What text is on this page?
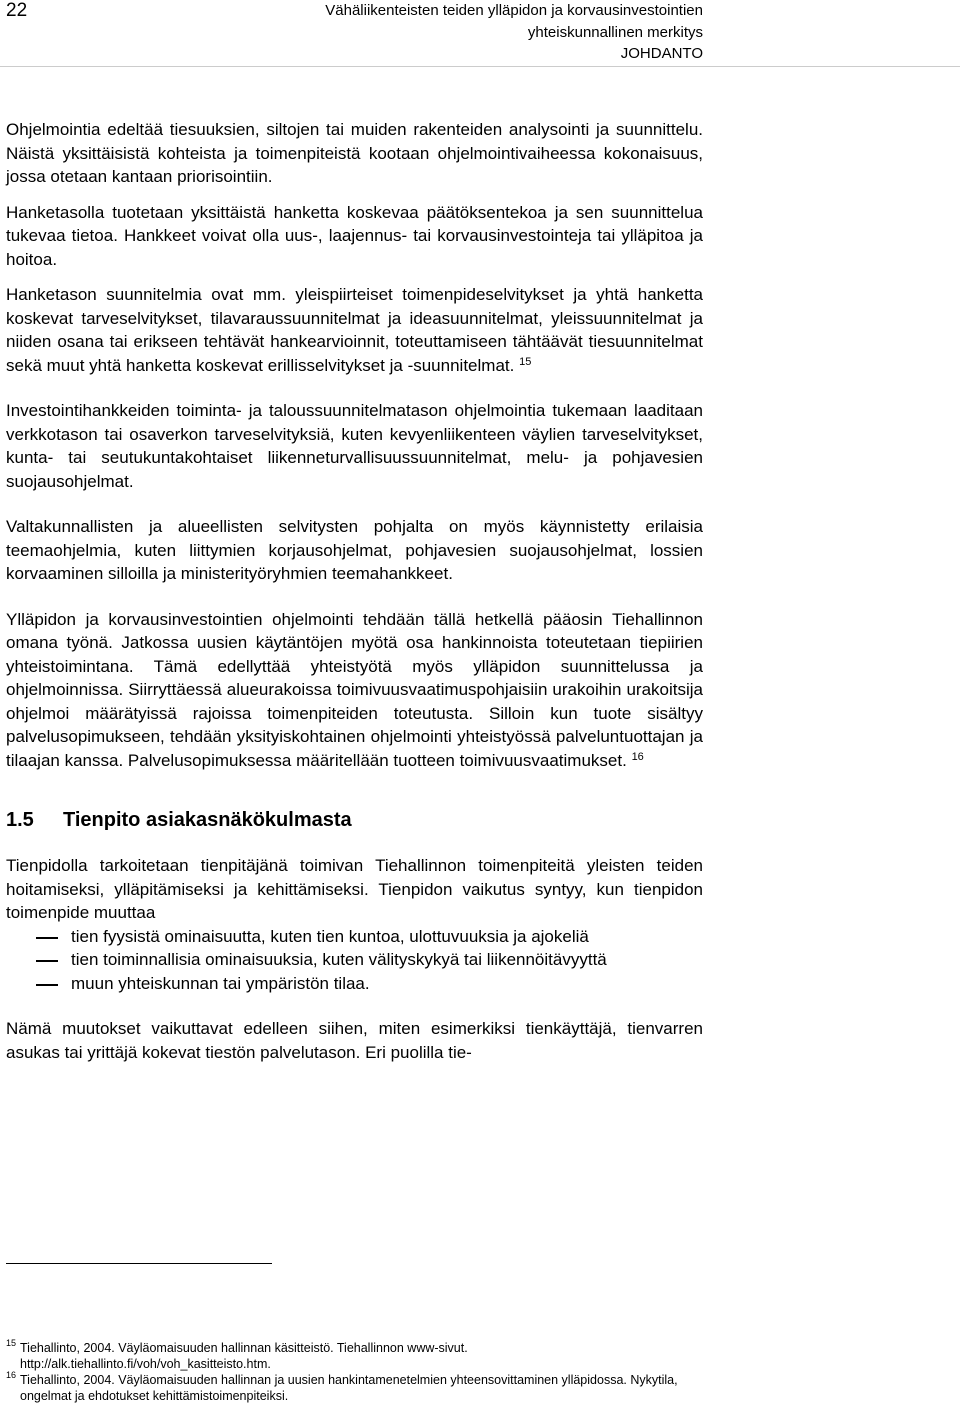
22	Vähäliikenteisten teiden ylläpidon ja korvausinvestointien
yhteiskunnallinen merkitys
JOHDANTO

Ohjelmointia edeltää tiesuuksien, siltojen tai muiden rakenteiden analysointi ja suunnittelu. Näistä yksittäisistä kohteista ja toimenpiteistä kootaan ohjelmointivaiheessa kokonaisuus, jossa otetaan kantaan priorisointiin.

Hanketasolla tuotetaan yksittäistä hanketta koskevaa päätöksentekoa ja sen suunnittelua tukevaa tietoa. Hankkeet voivat olla uus-, laajennus- tai korvausinvestointeja tai ylläpitoa ja hoitoa.

Hanketason suunnitelmia ovat mm. yleispiirteiset toimenpideselvitykset ja yhtä hanketta koskevat tarveselvitykset, tilavaraussuunnitelmat ja ideasuunnitelmat, yleissuunnitelmat ja niiden osana tai erikseen tehtävät hankearvioinnit, toteuttamiseen tähtäävät tiesuunnitelmat sekä muut yhtä hanketta koskevat erillisselvitykset ja -suunnitelmat. $^{15}$

Investointihankkeiden toiminta- ja taloussuunnitelmatason ohjelmointia tukemaan laaditaan verkkotason tai osaverkon tarveselvityksiä, kuten kevyenliikenteen väylien tarveselvitykset, kunta- tai seutukuntakohtaiset liikenneturvallisuussuunnitelmat, melu- ja pohjavesien suojausohjelmat.

Valtakunnallisten ja alueellisten selvitysten pohjalta on myös käynnistetty erilaisia teemaohjelmia, kuten liittymien korjausohjelmat, pohjavesien suojausohjelmat, lossien korvaaminen silloilla ja ministerityöryhmien teemahankkeet.

Ylläpidon ja korvausinvestointien ohjelmointi tehdään tällä hetkellä pääosin Tiehallinnon omana työnä. Jatkossa uusien käytäntöjen myötä osa hankinnoista toteutetaan tiepiirien yhteistoimintana. Tämä edellyttää yhteistyötä myös ylläpidon suunnittelussa ja ohjelmoinnissa. Siirryttäessä alueurakoissa toimivuusvaatimuspohjaisiin urakoihin urakoitsija ohjelmoi määrätyissä rajoissa toimenpiteiden toteutusta. Silloin kun tuote sisältyy palvelusopimukseen, tehdään yksityiskohtainen ohjelmointi yhteistyössä palveluntuottajan ja tilaajan kanssa. Palvelusopimuksessa määritellään tuotteen toimivuusvaatimukset. $^{16}$

1.5 Tienpito asiakasnäkökulmasta

Tienpidolla tarkoitetaan tienpitäjänä toimivan Tiehallinnon toimenpiteitä yleisten teiden hoitamiseksi, ylläpitämiseksi ja kehittämiseksi. Tienpidon vaikutus syntyy, kun tienpidon toimenpide muuttaa

tien fyysistä ominaisuutta, kuten tien kuntoa, ulottuvuuksia ja ajokeliä
tien toiminnallisia ominaisuuksia, kuten välityskykyä tai liikennöitävyyttä
muun yhteiskunnan tai ympäristön tilaa.

Nämä muutokset vaikuttavat edelleen siihen, miten esimerkiksi tienkäyttäjä, tienvarren asukas tai yrittäjä kokevat tiestön palvelutason. Eri puolilla tie-

15 Tiehallinto, 2004. Väyläomaisuuden hallinnan käsitteistö. Tiehallinnon www-sivut.
http://alk.tiehallinto.fi/voh/voh_kasitteisto.htm.
16 Tiehallinto, 2004. Väyläomaisuuden hallinnan ja uusien hankintamenetelmien yhteensovittaminen ylläpidossa. Nykytila, ongelmat ja ehdotukset kehittämistoimenpiteiksi.
